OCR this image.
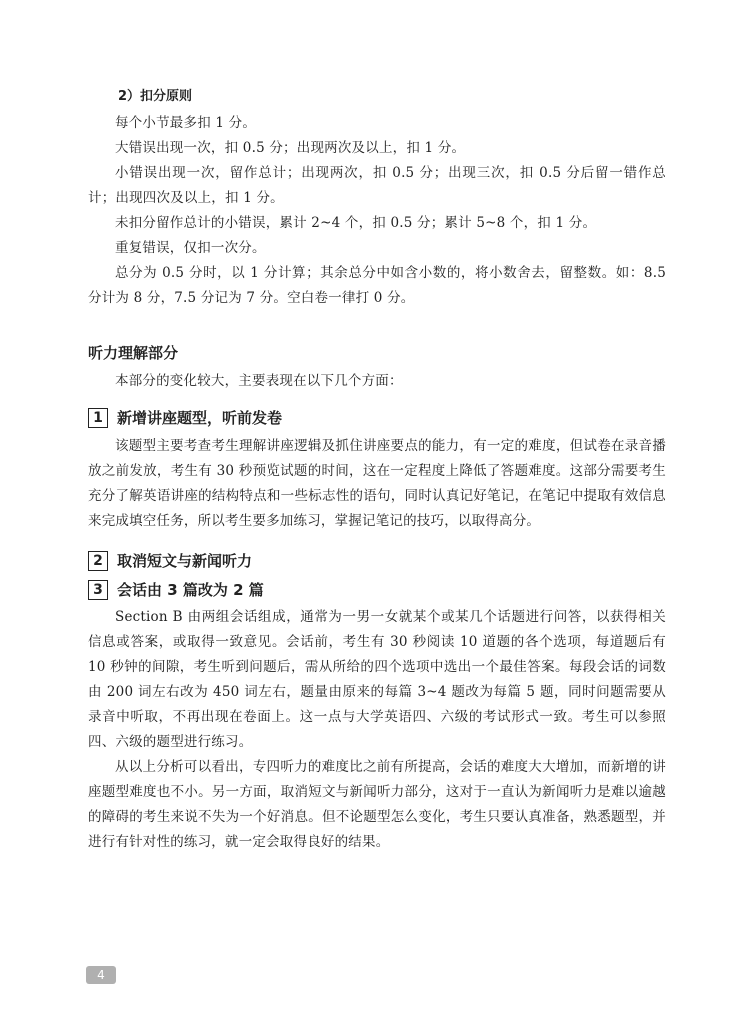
2）扣分原则

每个小节最多扣 1 分。

大错误出现一次，扣 0.5 分；出现两次及以上，扣 1 分。

小错误出现一次，留作总计；出现两次，扣 0.5 分；出现三次，扣 0.5 分后留一错作总计；出现四次及以上，扣 1 分。

未扣分留作总计的小错误，累计 2~4 个，扣 0.5 分；累计 5~8 个，扣 1 分。

重复错误，仅扣一次分。

总分为 0.5 分时，以 1 分计算；其余总分中如含小数的，将小数舍去，留整数。如：8.5 分计为 8 分，7.5 分记为 7 分。空白卷一律打 0 分。

听力理解部分

本部分的变化较大，主要表现在以下几个方面：

1 新增讲座题型，听前发卷

该题型主要考查考生理解讲座逻辑及抓住讲座要点的能力，有一定的难度，但试卷在录音播放之前发放，考生有 30 秒预览试题的时间，这在一定程度上降低了答题难度。这部分需要考生充分了解英语讲座的结构特点和一些标志性的语句，同时认真记好笔记，在笔记中提取有效信息来完成填空任务，所以考生要多加练习，掌握记笔记的技巧，以取得高分。

2 取消短文与新闻听力
3 会话由 3 篇改为 2 篇

Section B 由两组会话组成，通常为一男一女就某个或某几个话题进行问答，以获得相关信息或答案，或取得一致意见。会话前，考生有 30 秒阅读 10 道题的各个选项，每道题后有 10 秒钟的间隙，考生听到问题后，需从所给的四个选项中选出一个最佳答案。每段会话的词数由 200 词左右改为 450 词左右，题量由原来的每篇 3~4 题改为每篇 5 题，同时问题需要从录音中听取，不再出现在卷面上。这一点与大学英语四、六级的考试形式一致。考生可以参照四、六级的题型进行练习。

从以上分析可以看出，专四听力的难度比之前有所提高，会话的难度大大增加，而新增的讲座题型难度也不小。另一方面，取消短文与新闻听力部分，这对于一直认为新闻听力是难以逾越的障碍的考生来说不失为一个好消息。但不论题型怎么变化，考生只要认真准备，熟悉题型，并进行有针对性的练习，就一定会取得良好的结果。

4
